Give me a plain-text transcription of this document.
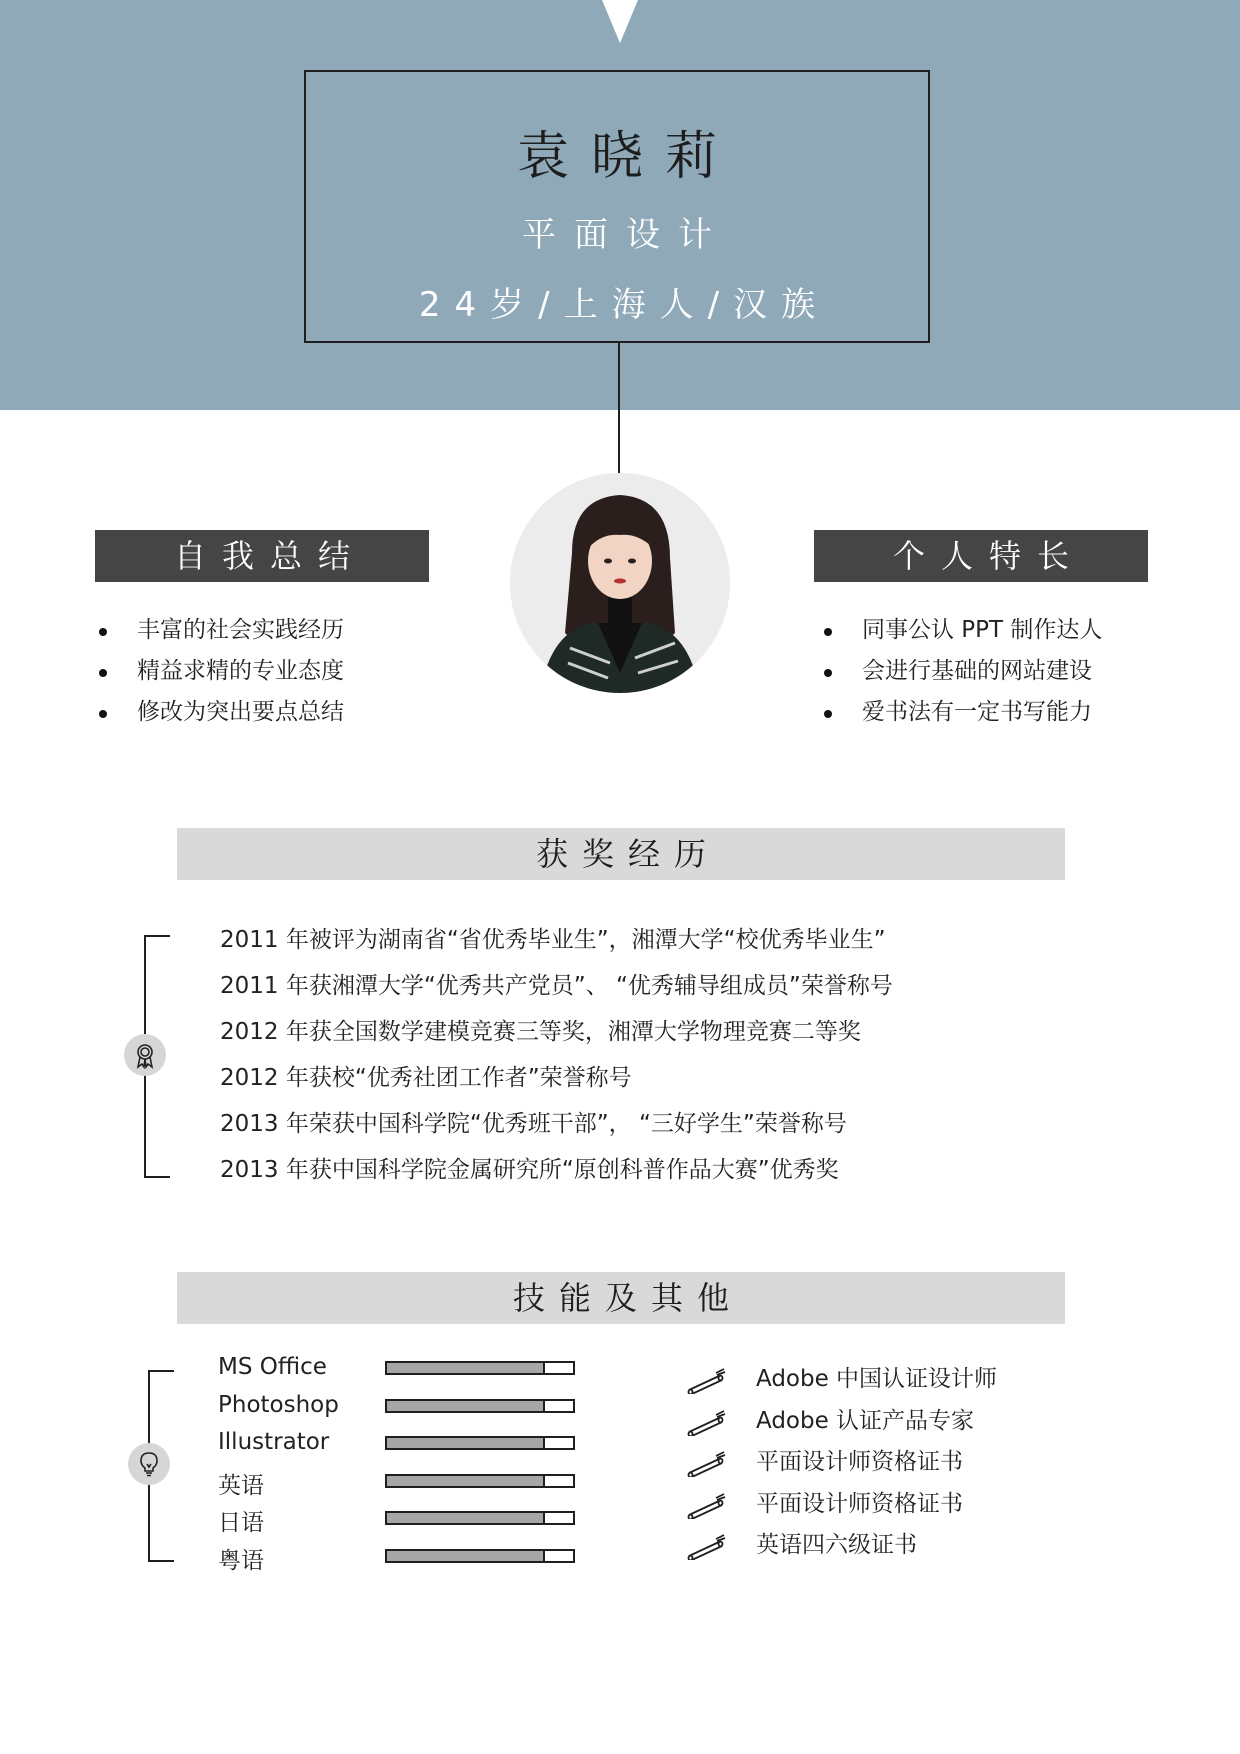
袁晓莉
平面设计
24岁/上海人/汉族
自我总结
丰富的社会实践经历
精益求精的专业态度
修改为突出要点总结
个人特长
同事公认 PPT 制作达人
会进行基础的网站建设
爱书法有一定书写能力
获奖经历
2011 年被评为湖南省“省优秀毕业生”，湘潭大学“校优秀毕业生”
2011 年获湘潭大学“优秀共产党员”、 “优秀辅导组成员”荣誉称号
2012 年获全国数学建模竞赛三等奖，湘潭大学物理竞赛二等奖
2012 年获校“优秀社团工作者”荣誉称号
2013 年荣获中国科学院“优秀班干部”， “三好学生”荣誉称号
2013 年获中国科学院金属研究所“原创科普作品大赛”优秀奖
技能及其他
MS Office
Photoshop
Illustrator
英语
日语
粤语
Adobe 中国认证设计师
Adobe 认证产品专家
平面设计师资格证书
平面设计师资格证书
英语四六级证书
